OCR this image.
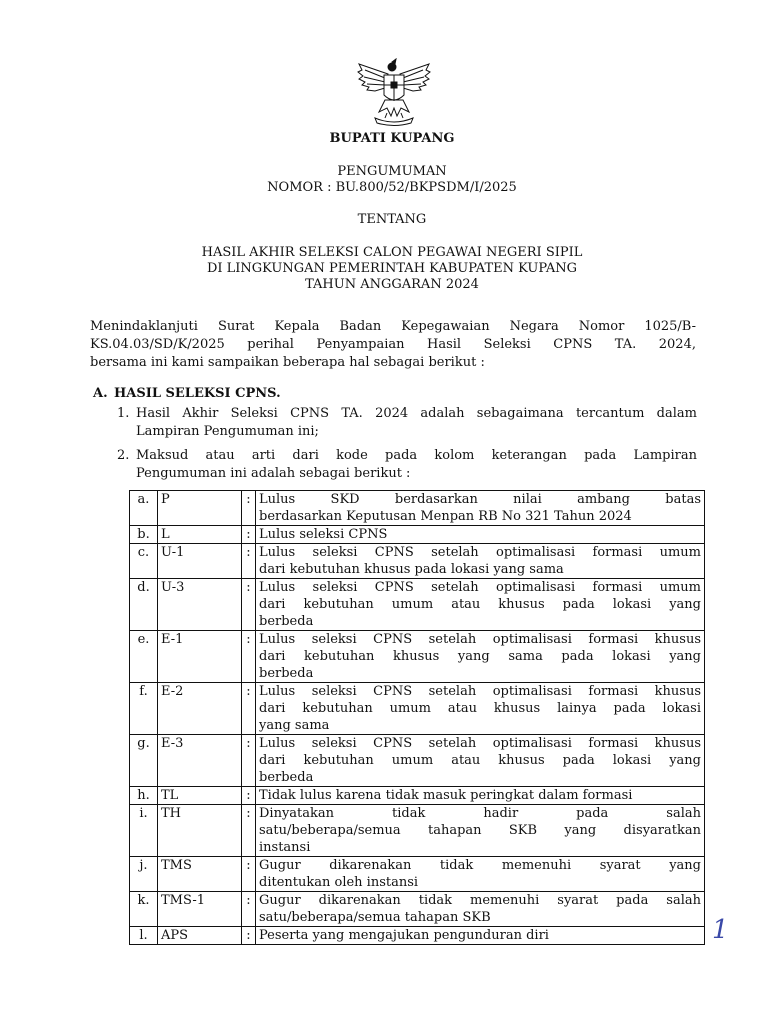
BUPATI KUPANG
PENGUMUMAN
NOMOR : BU.800/52/BKPSDM/I/2025
TENTANG
HASIL AKHIR SELEKSI CALON PEGAWAI NEGERI SIPIL
DI LINGKUNGAN PEMERINTAH KABUPATEN KUPANG
TAHUN ANGGARAN 2024
Menindaklanjuti Surat Kepala Badan Kepegawaian Negara Nomor 1025/B-
KS.04.03/SD/K/2025 perihal Penyampaian Hasil Seleksi CPNS TA. 2024,
bersama ini kami sampaikan beberapa hal sebagai berikut :
A. HASIL SELEKSI CPNS.
1. Hasil Akhir Seleksi CPNS TA. 2024 adalah sebagaimana tercantum dalam
Lampiran Pengumuman ini;
2. Maksud atau arti dari kode pada kolom keterangan pada Lampiran
Pengumuman ini adalah sebagai berikut :
a.	P	:	Lulus SKD berdasarkan nilai ambang batas
berdasarkan Keputusan Menpan RB No 321 Tahun 2024

b.	L	:	Lulus seleksi CPNS

c.	U-1	:	Lulus seleksi CPNS setelah optimalisasi formasi umum
dari kebutuhan khusus pada lokasi yang sama

d.	U-3	:	Lulus seleksi CPNS setelah optimalisasi formasi umum
dari kebutuhan umum atau khusus pada lokasi yang
berbeda

e.	E-1	:	Lulus seleksi CPNS setelah optimalisasi formasi khusus
dari kebutuhan khusus yang sama pada lokasi yang
berbeda

f.	E-2	:	Lulus seleksi CPNS setelah optimalisasi formasi khusus
dari kebutuhan umum atau khusus lainya pada lokasi
yang sama

g.	E-3	:	Lulus seleksi CPNS setelah optimalisasi formasi khusus
dari kebutuhan umum atau khusus pada lokasi yang
berbeda

h.	TL	:	Tidak lulus karena tidak masuk peringkat dalam formasi

i.	TH	:	Dinyatakan tidak hadir pada salah
satu/beberapa/semua tahapan SKB yang disyaratkan
instansi

j.	TMS	:	Gugur dikarenakan tidak memenuhi syarat yang
ditentukan oleh instansi

k.	TMS-1	:	Gugur dikarenakan tidak memenuhi syarat pada salah
satu/beberapa/semua tahapan SKB

l.	APS	:	Peserta yang mengajukan pengunduran diri	1
